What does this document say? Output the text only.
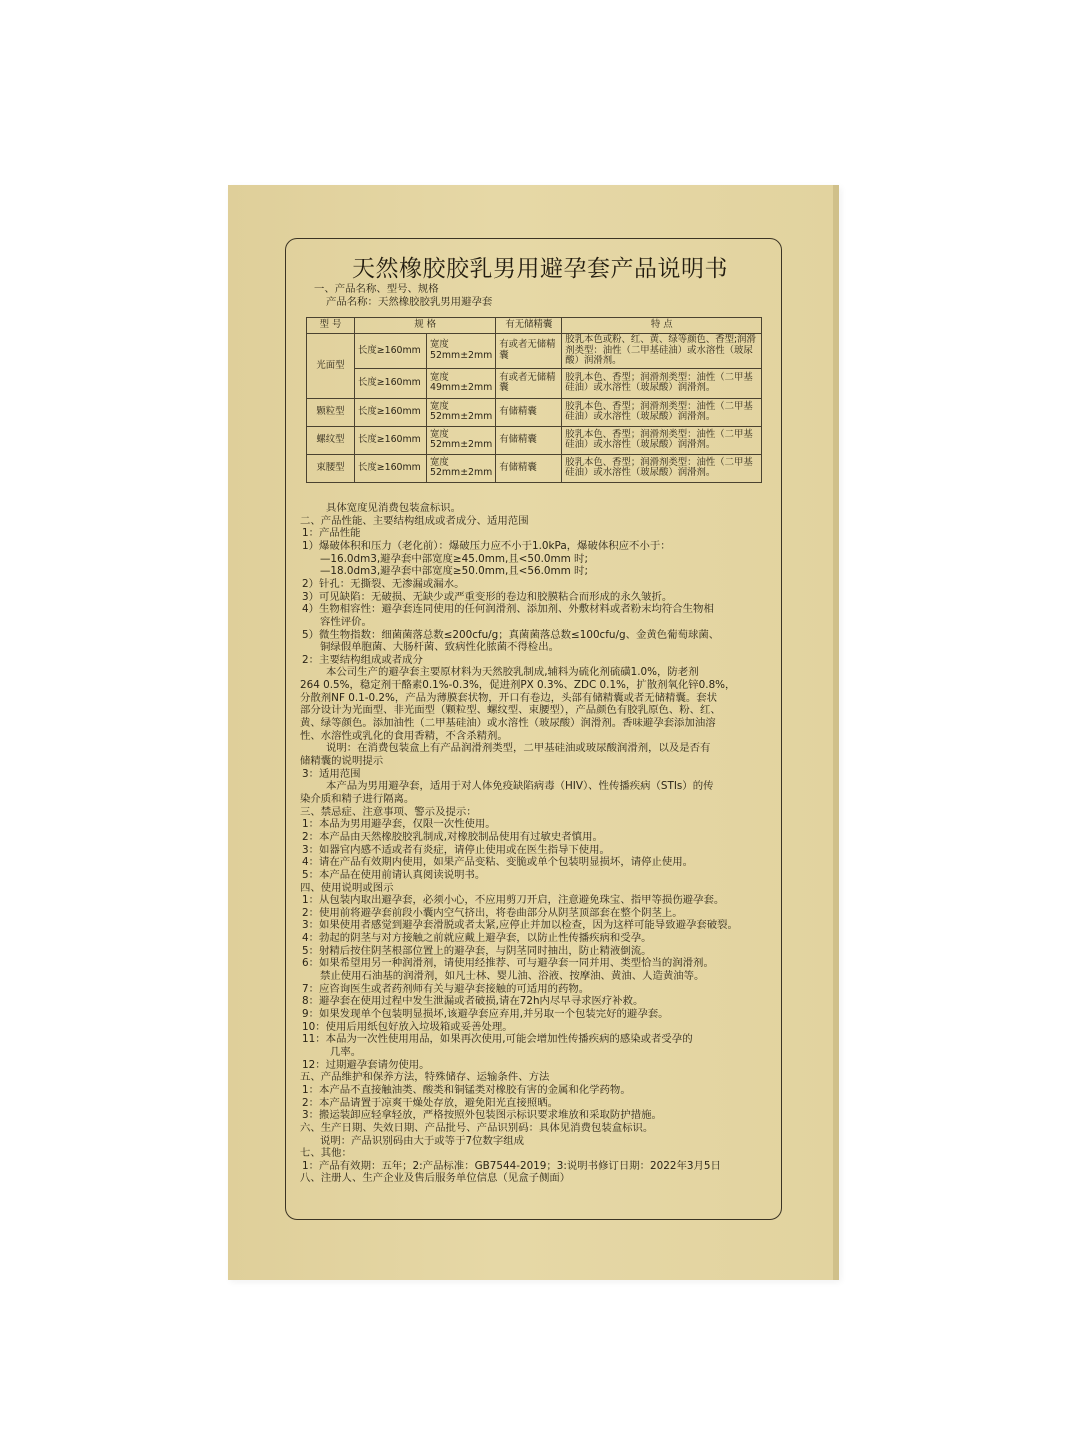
天然橡胶胶乳男用避孕套产品说明书
一、产品名称、型号、规格
产品名称：天然橡胶胶乳男用避孕套
型 号	规 格		有无储精囊	特 点
光面型	长度≥160mm	宽度52mm±2mm	有或者无储精囊	胶乳本色或粉、红、黄、绿等颜色、香型;润滑剂类型：油性（二甲基硅油）或水溶性（玻尿酸）润滑剂。
	长度≥160mm	宽度49mm±2mm	有或者无储精囊	胶乳本色、香型；润滑剂类型：油性（二甲基硅油）或水溶性（玻尿酸）润滑剂。
颗粒型	长度≥160mm	宽度52mm±2mm	有储精囊	胶乳本色、香型；润滑剂类型：油性（二甲基硅油）或水溶性（玻尿酸）润滑剂。
螺纹型	长度≥160mm	宽度52mm±2mm	有储精囊	胶乳本色、香型；润滑剂类型：油性（二甲基硅油）或水溶性（玻尿酸）润滑剂。
束腰型	长度≥160mm	宽度52mm±2mm	有储精囊	胶乳本色、香型；润滑剂类型：油性（二甲基硅油）或水溶性（玻尿酸）润滑剂。
具体宽度见消费包装盒标识。
二、产品性能、主要结构组成或者成分、适用范围
1：产品性能
1）爆破体积和压力（老化前）：爆破压力应不小于1.0kPa，爆破体积应不小于：
—16.0dm3,避孕套中部宽度≥45.0mm,且<50.0mm 时;
—18.0dm3,避孕套中部宽度≥50.0mm,且<56.0mm 时;
2）针孔：无撕裂、无渗漏或漏水。
3）可见缺陷：无破损、无缺少或严重变形的卷边和胶膜粘合而形成的永久皱折。
4）生物相容性：避孕套连同使用的任何润滑剂、添加剂、外敷材料或者粉末均符合生物相
容性评价。
5）微生物指数：细菌菌落总数≤200cfu/g；真菌菌落总数≤100cfu/g、金黄色葡萄球菌、
铜绿假单胞菌、大肠杆菌、致病性化脓菌不得检出。
2：主要结构组成或者成分
本公司生产的避孕套主要原材料为天然胶乳制成,辅料为硫化剂硫磺1.0%，防老剂
264 0.5%，稳定剂干酪素0.1%-0.3%，促进剂PX 0.3%、ZDC 0.1%，扩散剂氧化锌0.8%，
分散剂NF 0.1-0.2%，产品为薄膜套状物，开口有卷边，头部有储精囊或者无储精囊。套状
部分设计为光面型、非光面型（颗粒型、螺纹型、束腰型），产品颜色有胶乳原色、粉、红、
黄、绿等颜色。添加油性（二甲基硅油）或水溶性（玻尿酸）润滑剂。香味避孕套添加油溶
性、水溶性或乳化的食用香精，不含杀精剂。
说明：在消费包装盒上有产品润滑剂类型，二甲基硅油或玻尿酸润滑剂，以及是否有
储精囊的说明提示
3：适用范围
本产品为男用避孕套，适用于对人体免疫缺陷病毒（HIV）、性传播疾病（STIs）的传
染介质和精子进行隔离。
三、禁忌症、注意事项、警示及提示：
1：本品为男用避孕套，仅限一次性使用。
2：本产品由天然橡胶胶乳制成,对橡胶制品使用有过敏史者慎用。
3：如器官内感不适或者有炎症，请停止使用或在医生指导下使用。
4：请在产品有效期内使用，如果产品变粘、变脆或单个包装明显损坏，请停止使用。
5：本产品在使用前请认真阅读说明书。
四、使用说明或图示
1：从包装内取出避孕套，必须小心，不应用剪刀开启，注意避免珠宝、指甲等损伤避孕套。
2：使用前将避孕套前段小囊内空气挤出，将卷曲部分从阴茎顶部套在整个阴茎上。
3：如果使用者感觉到避孕套滑脱或者太紧,应停止并加以检查，因为这样可能导致避孕套破裂。
4：勃起的阴茎与对方接触之前就应戴上避孕套，以防止性传播疾病和受孕。
5：射精后按住阴茎根部位置上的避孕套，与阴茎同时抽出，防止精液倒流。
6：如果希望用另一种润滑剂，请使用经推荐、可与避孕套一同并用、类型恰当的润滑剂。
禁止使用石油基的润滑剂，如凡士林、婴儿油、浴液、按摩油、黄油、人造黄油等。
7：应咨询医生或者药剂师有关与避孕套接触的可适用的药物。
8：避孕套在使用过程中发生泄漏或者破损,请在72h内尽早寻求医疗补救。
9：如果发现单个包装明显损坏,该避孕套应弃用,并另取一个包装完好的避孕套。
10：使用后用纸包好放入垃圾箱或妥善处理。
11：本品为一次性使用用品，如果再次使用,可能会增加性传播疾病的感染或者受孕的
几率。
12：过期避孕套请勿使用。
五、产品维护和保养方法，特殊储存、运输条件、方法
1：本产品不直接触油类、酸类和铜锰类对橡胶有害的金属和化学药物。
2：本产品请置于凉爽干燥处存放，避免阳光直接照晒。
3：搬运装卸应轻拿轻放，严格按照外包装图示标识要求堆放和采取防护措施。
六、生产日期、失效日期、产品批号、产品识别码：具体见消费包装盒标识。
说明：产品识别码由大于或等于7位数字组成
七、其他：
1：产品有效期：五年；2:产品标准：GB7544-2019；3:说明书修订日期：2022年3月5日
八、注册人、生产企业及售后服务单位信息（见盒子侧面）
